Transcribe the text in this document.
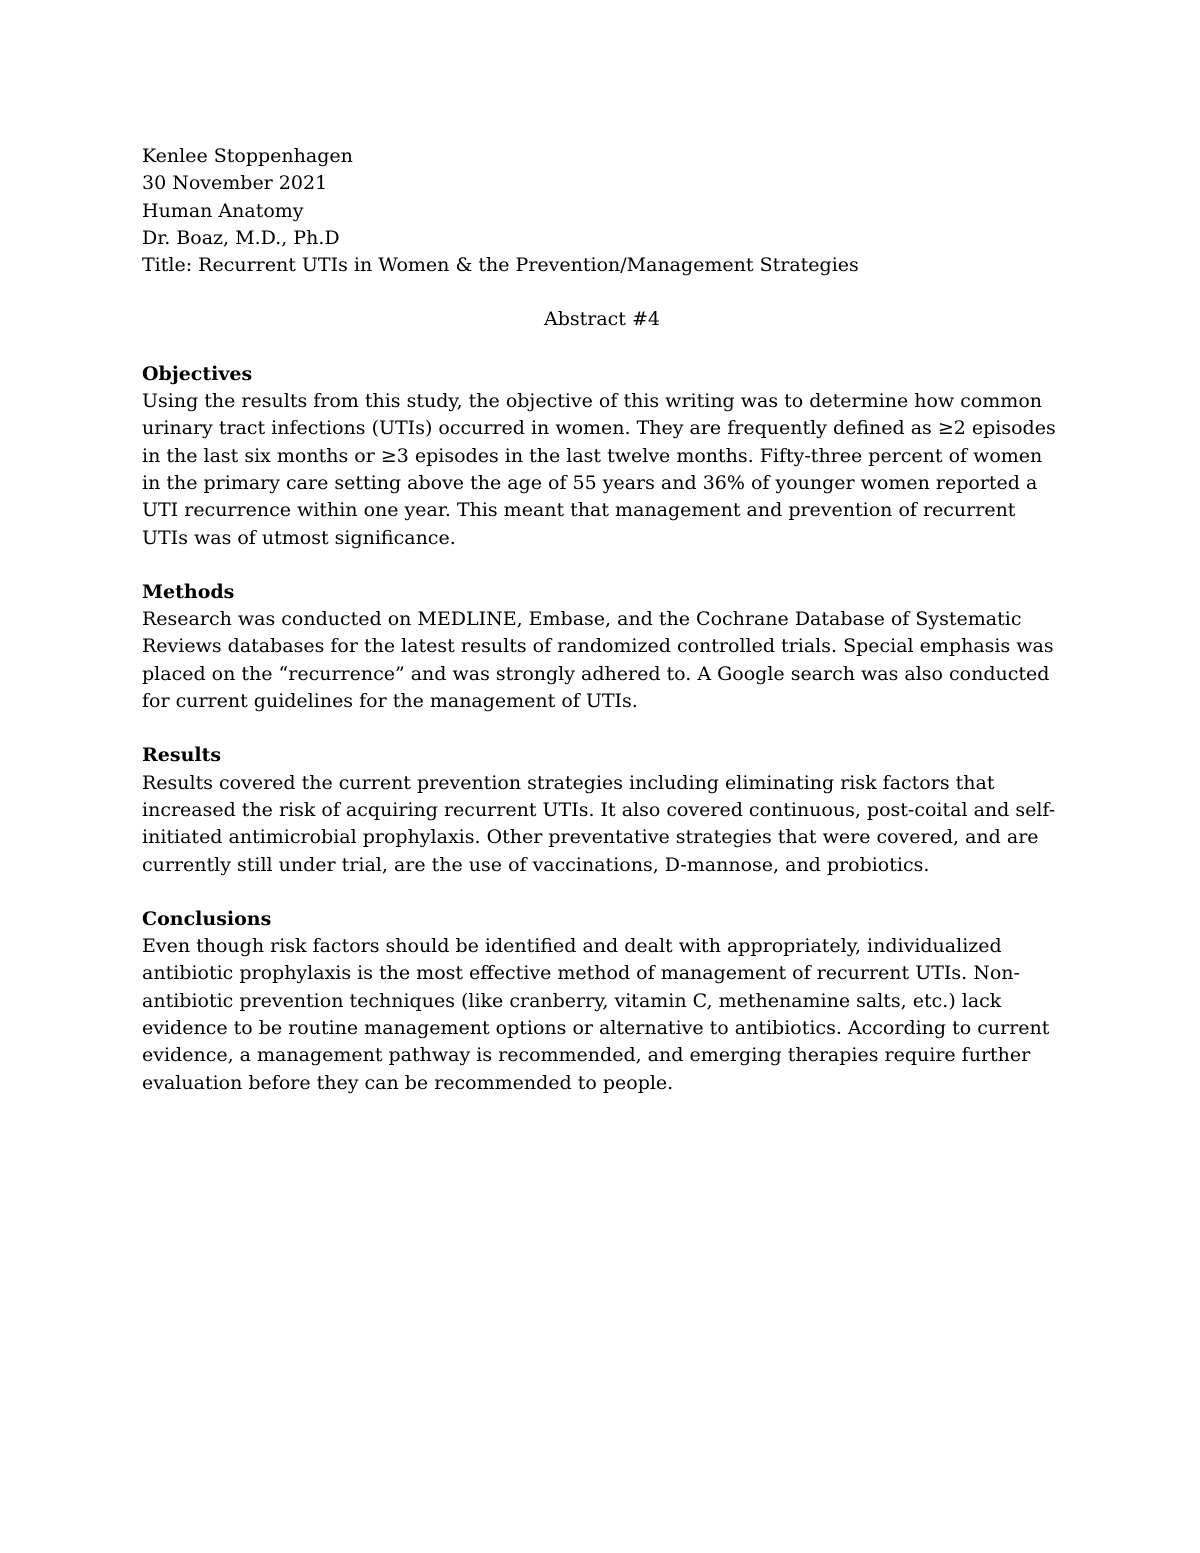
Kenlee Stoppenhagen
30 November 2021
Human Anatomy
Dr. Boaz, M.D., Ph.D
Title: Recurrent UTIs in Women & the Prevention/Management Strategies
Abstract #4
Objectives

Using the results from this study, the objective of this writing was to determine how common urinary tract infections (UTIs) occurred in women. They are frequently defined as ≥2 episodes in the last six months or ≥3 episodes in the last twelve months. Fifty-three percent of women in the primary care setting above the age of 55 years and 36% of younger women reported a UTI recurrence within one year. This meant that management and prevention of recurrent UTIs was of utmost significance.

Methods

Research was conducted on MEDLINE, Embase, and the Cochrane Database of Systematic Reviews databases for the latest results of randomized controlled trials. Special emphasis was placed on the “recurrence” and was strongly adhered to. A Google search was also conducted for current guidelines for the management of UTIs.

Results

Results covered the current prevention strategies including eliminating risk factors that increased the risk of acquiring recurrent UTIs. It also covered continuous, post-coital and self-initiated antimicrobial prophylaxis. Other preventative strategies that were covered, and are currently still under trial, are the use of vaccinations, D-mannose, and probiotics.

Conclusions

Even though risk factors should be identified and dealt with appropriately, individualized antibiotic prophylaxis is the most effective method of management of recurrent UTIs. Non-antibiotic prevention techniques (like cranberry, vitamin C, methenamine salts, etc.) lack evidence to be routine management options or alternative to antibiotics. According to current evidence, a management pathway is recommended, and emerging therapies require further evaluation before they can be recommended to people.
